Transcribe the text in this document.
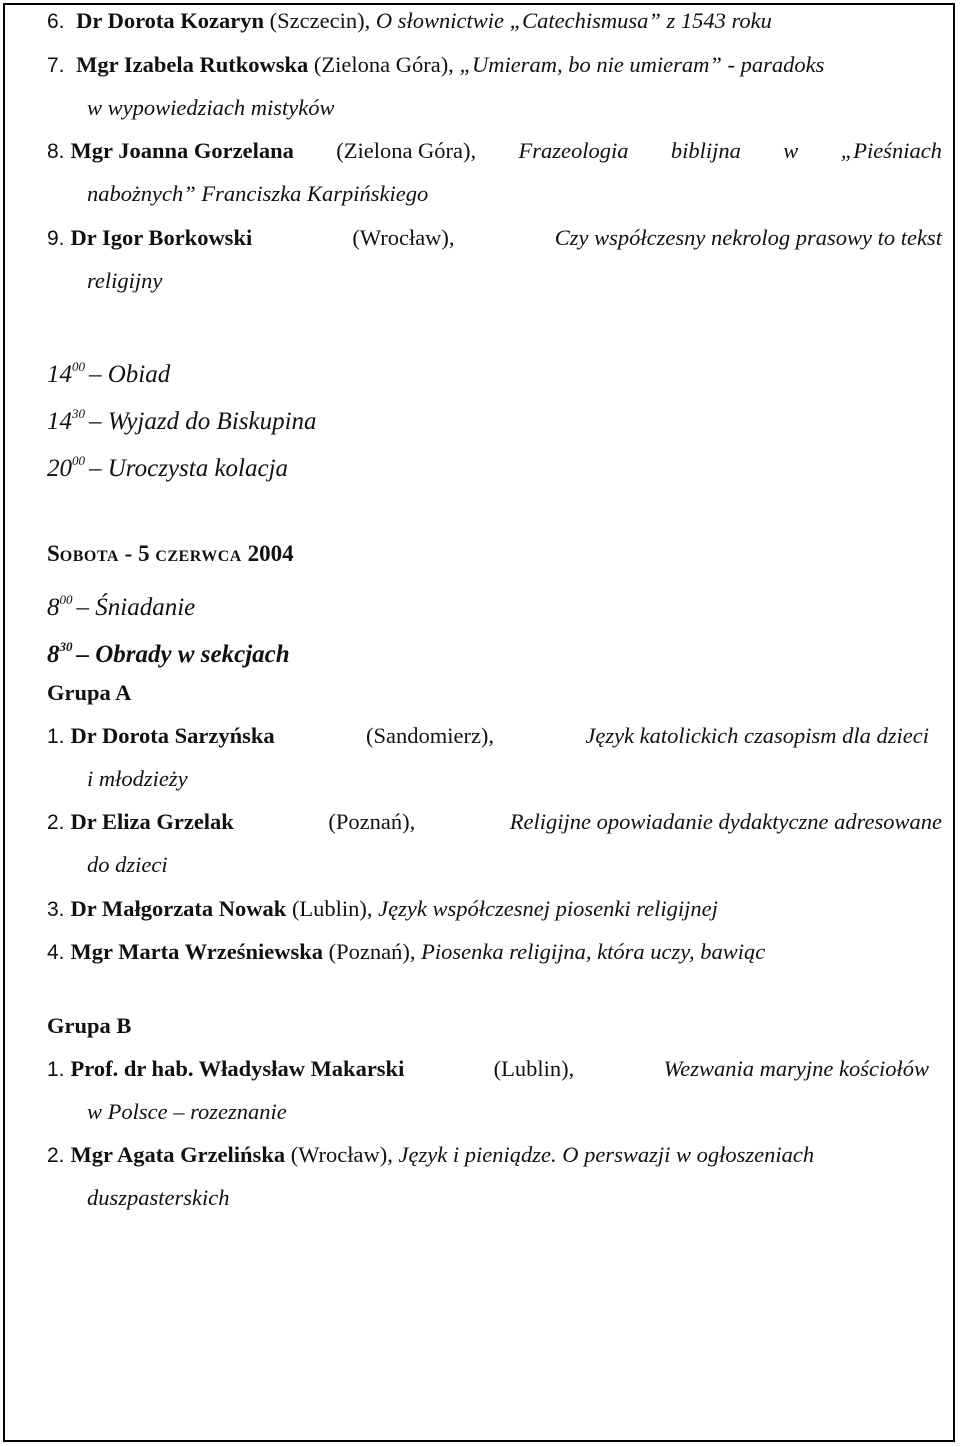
6. Dr Dorota Kozaryn (Szczecin), O słownictwie „Catechismusa” z 1543 roku
7. Mgr Izabela Rutkowska (Zielona Góra), „Umieram, bo nie umieram” - paradoks
w wypowiedziach mistyków
8. Mgr Joanna Gorzelana (Zielona Góra), Frazeologia biblijna w „Pieśniach
nabożnych” Franciszka Karpińskiego
9. Dr Igor Borkowski	(Wrocław),	Czy współczesny nekrolog prasowy to tekst
religijny
$14^{00}$ – Obiad
$14^{30}$ – Wyjazd do Biskupina
$20^{00}$ – Uroczysta kolacja
SOBOTA - 5 CZERWCA 2004
$8^{00}$ – Śniadanie
$8^{30}$ – Obrady w sekcjach
Grupa A
1. Dr Dorota Sarzyńska	(Sandomierz),	Język katolickich czasopism dla dzieci
i młodzieży
2. Dr Eliza Grzelak	(Poznań),	Religijne opowiadanie dydaktyczne adresowane
do dzieci
3. Dr Małgorzata Nowak (Lublin), Język współczesnej piosenki religijnej
4. Mgr Marta Wrześniewska (Poznań), Piosenka religijna, która uczy, bawiąc
Grupa B
1. Prof. dr hab. Władysław Makarski	(Lublin),	Wezwania maryjne kościołów
w Polsce – rozeznanie
2. Mgr Agata Grzelińska (Wrocław), Język i pieniądze. O perswazji w ogłoszeniach
duszpasterskich
